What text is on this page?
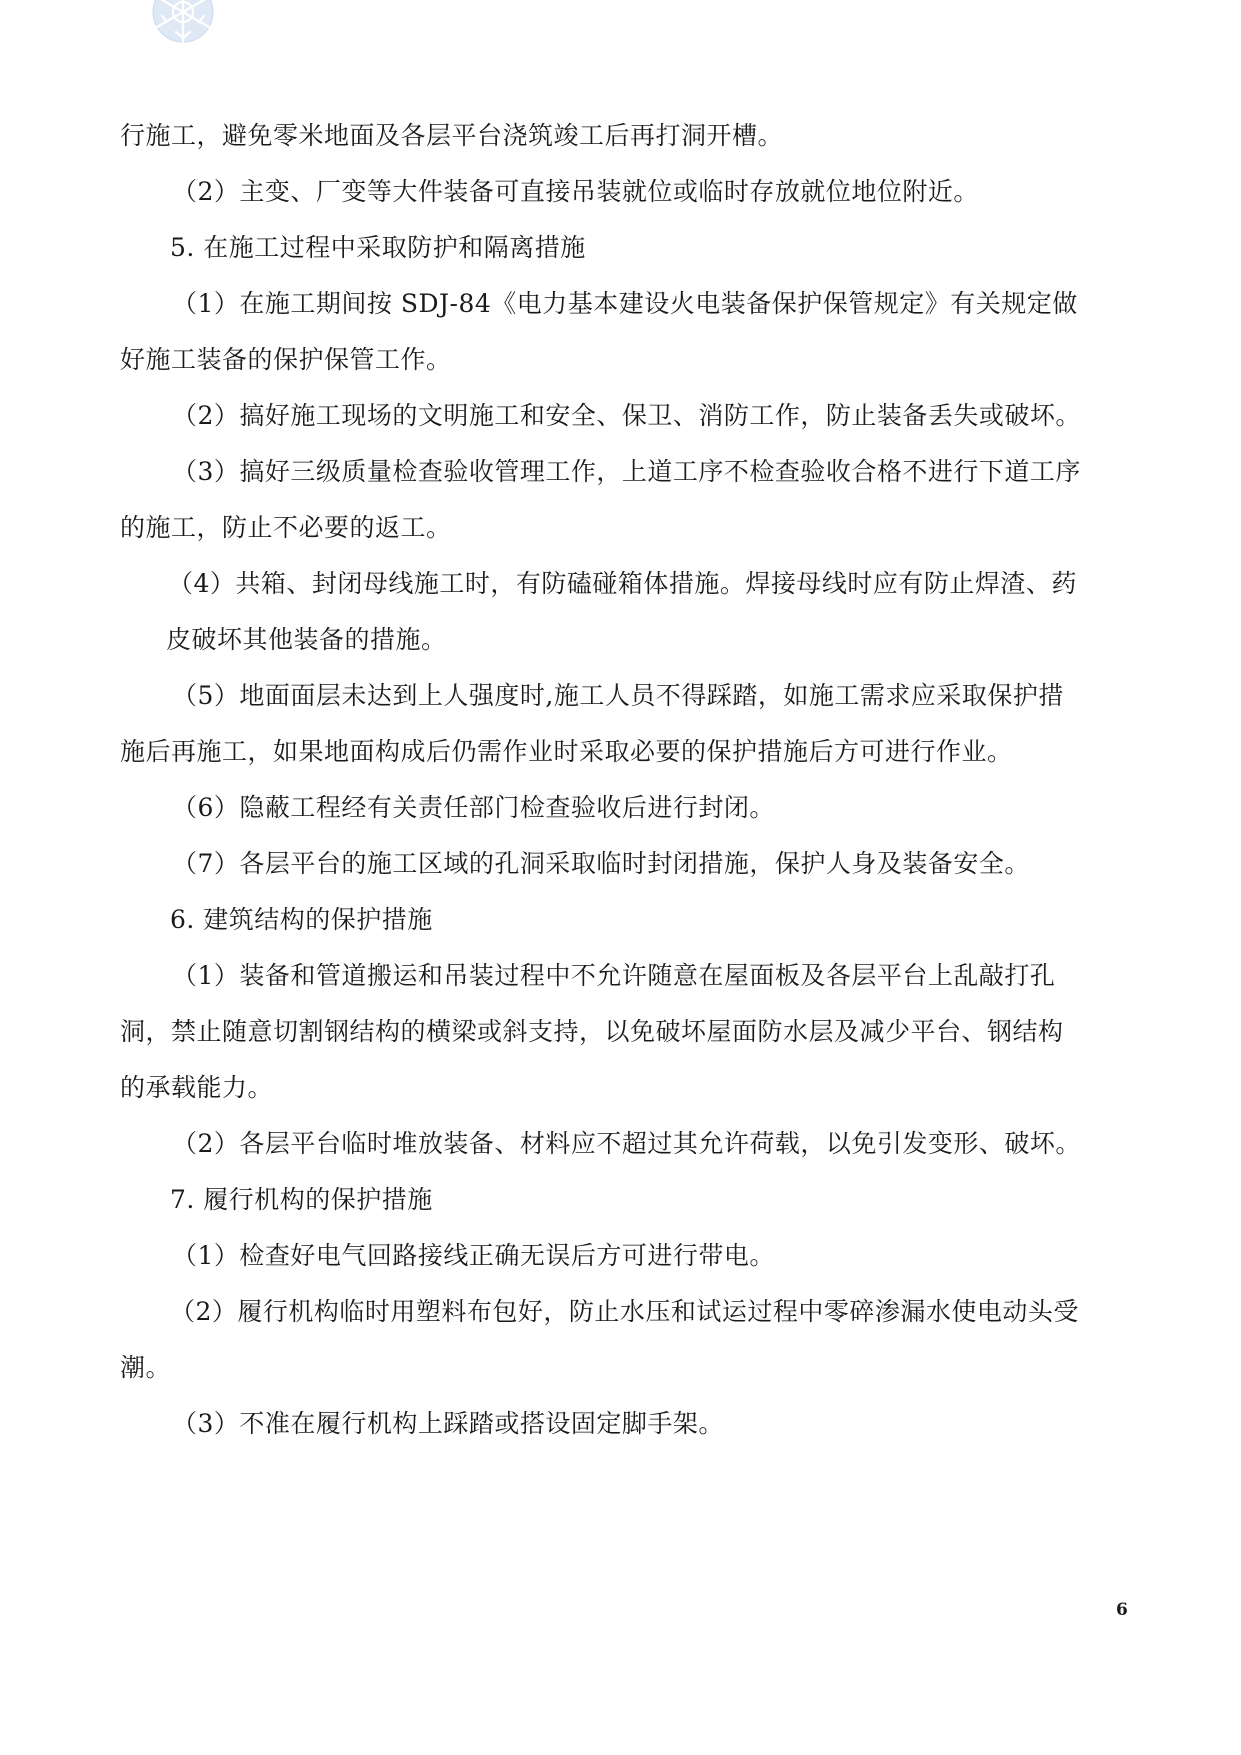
行施工，避免零米地面及各层平台浇筑竣工后再打洞开槽。
（2）主变、厂变等大件装备可直接吊装就位或临时存放就位地位附近。
5. 在施工过程中采取防护和隔离措施
（1）在施工期间按 SDJ-84《电力基本建设火电装备保护保管规定》有关规定做
好施工装备的保护保管工作。
（2）搞好施工现场的文明施工和安全、保卫、消防工作，防止装备丢失或破坏。
（3）搞好三级质量检查验收管理工作，上道工序不检查验收合格不进行下道工序
的施工，防止不必要的返工。
（4）共箱、封闭母线施工时，有防磕碰箱体措施。焊接母线时应有防止焊渣、药
皮破坏其他装备的措施。
（5）地面面层未达到上人强度时,施工人员不得踩踏，如施工需求应采取保护措
施后再施工，如果地面构成后仍需作业时采取必要的保护措施后方可进行作业。
（6）隐蔽工程经有关责任部门检查验收后进行封闭。
（7）各层平台的施工区域的孔洞采取临时封闭措施，保护人身及装备安全。
6. 建筑结构的保护措施
（1）装备和管道搬运和吊装过程中不允许随意在屋面板及各层平台上乱敲打孔
洞，禁止随意切割钢结构的横梁或斜支持，以免破坏屋面防水层及减少平台、钢结构
的承载能力。
（2）各层平台临时堆放装备、材料应不超过其允许荷载，以免引发变形、破坏。
7. 履行机构的保护措施
（1）检查好电气回路接线正确无误后方可进行带电。
（2）履行机构临时用塑料布包好，防止水压和试运过程中零碎渗漏水使电动头受
潮。
（3）不准在履行机构上踩踏或搭设固定脚手架。
6
